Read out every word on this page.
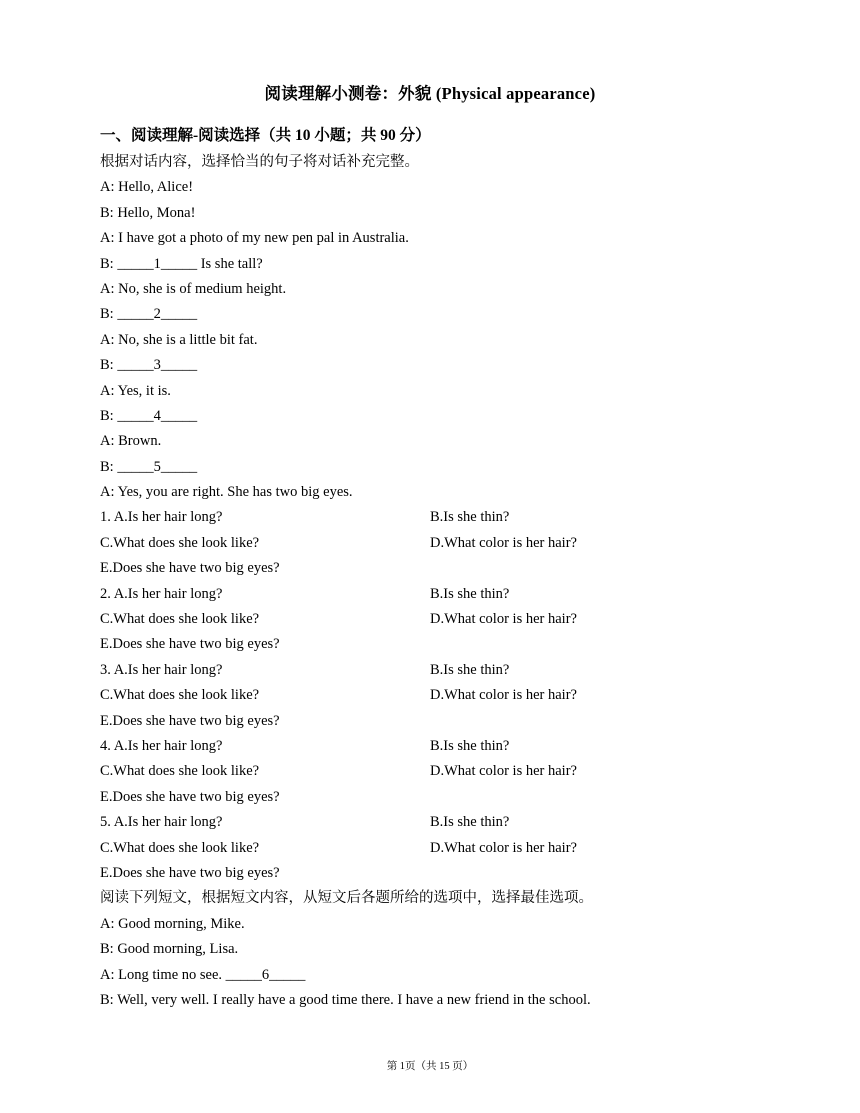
阅读理解小测卷：外貌 (Physical appearance)
一、阅读理解-阅读选择（共 10 小题；共 90 分）
根据对话内容，选择恰当的句子将对话补充完整。
A: Hello, Alice!
B: Hello, Mona!
A: I have got a photo of my new pen pal in Australia.
B: _____1_____ Is she tall?
A: No, she is of medium height.
B: _____2_____
A: No, she is a little bit fat.
B: _____3_____
A: Yes, it is.
B: _____4_____
A: Brown.
B: _____5_____
A: Yes, you are right. She has two big eyes.
1. A.Is her hair long?	B.Is she thin?
C.What does she look like?	D.What color is her hair?
E.Does she have two big eyes?
2. A.Is her hair long?	B.Is she thin?
C.What does she look like?	D.What color is her hair?
E.Does she have two big eyes?
3. A.Is her hair long?	B.Is she thin?
C.What does she look like?	D.What color is her hair?
E.Does she have two big eyes?
4. A.Is her hair long?	B.Is she thin?
C.What does she look like?	D.What color is her hair?
E.Does she have two big eyes?
5. A.Is her hair long?	B.Is she thin?
C.What does she look like?	D.What color is her hair?
E.Does she have two big eyes?
阅读下列短文，根据短文内容，从短文后各题所给的选项中，选择最佳选项。
A: Good morning, Mike.
B: Good morning, Lisa.
A: Long time no see. _____6_____
B: Well, very well. I really have a good time there. I have a new friend in the school.
第 1页（共 15 页）
